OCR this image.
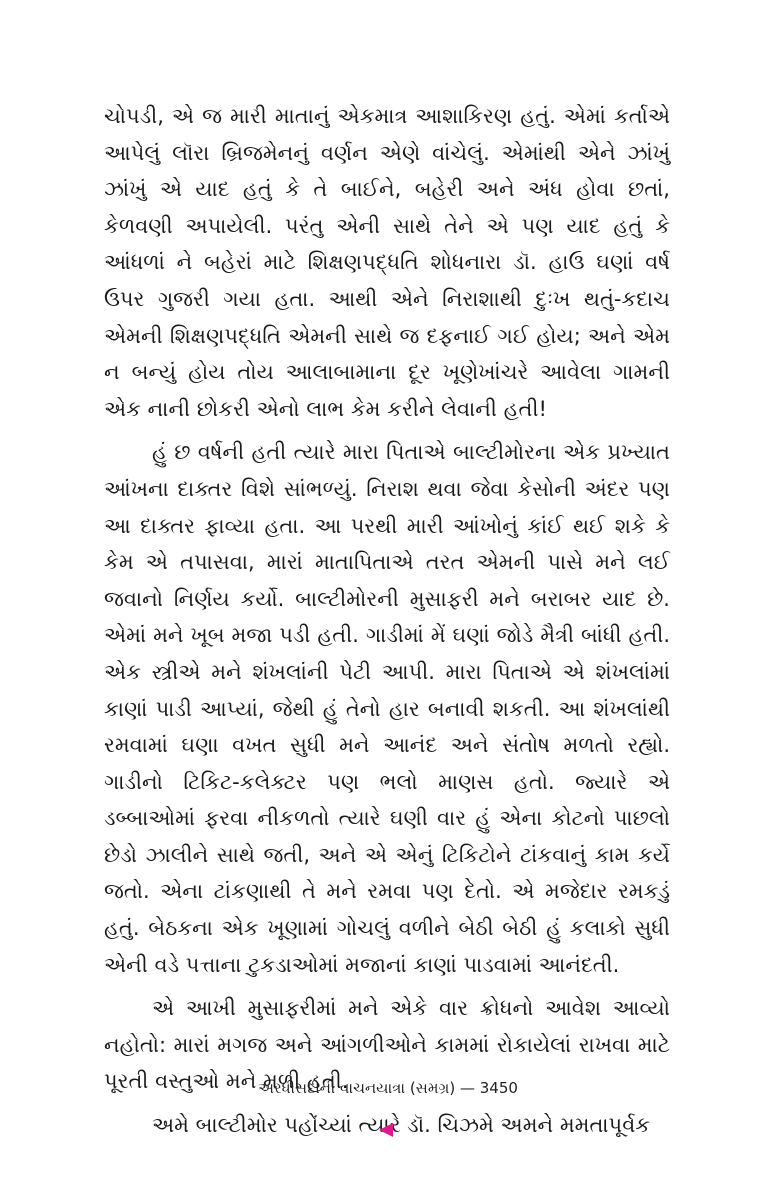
ચોપડી, એ જ મારી માતાનું એકમાત્ર આશાકિરણ હતું. એમાં કર્તાએ આપેલું લૉરા બ્રિજમેનનું વર્ણન એણે વાંચેલું. એમાંથી એને ઝાંખું ઝાંખું એ યાદ હતું કે તે બાઈને, બહેરી અને અંધ હોવા છતાં, કેળવણી અપાયેલી. પરંતુ એની સાથે તેને એ પણ યાદ હતું કે આંધળાં ને બહેરાં માટે શિક્ષણપદ્ધતિ શોધનારા ડૉ. હાઉ ઘણાં વર્ષ ઉપર ગુજરી ગયા હતા. આથી એને નિરાશાથી દુઃખ થતું-કદાચ એમની શિક્ષણપદ્ધતિ એમની સાથે જ દફનાઈ ગઈ હોય; અને એમ ન બન્યું હોય તોય આલાબામાના દૂર ખૂણેખાંચરે આવેલા ગામની એક નાની છોકરી એનો લાભ કેમ કરીને લેવાની હતી!

હું છ વર્ષની હતી ત્યારે મારા પિતાએ બાલ્ટીમોરના એક પ્રખ્યાત આંખના દાક્તર વિશે સાંભળ્યું. નિરાશ થવા જેવા કેસોની અંદર પણ આ દાક્તર ફાવ્યા હતા. આ પરથી મારી આંખોનું કાંઈ થઈ શકે કે કેમ એ તપાસવા, મારાં માતાપિતાએ તરત એમની પાસે મને લઈ જવાનો નિર્ણય કર્યો. બાલ્ટીમોરની મુસાફરી મને બરાબર યાદ છે. એમાં મને ખૂબ મજા પડી હતી. ગાડીમાં મેં ઘણાં જોડે મૈત્રી બાંધી હતી. એક સ્ત્રીએ મને શંખલાંની પેટી આપી. મારા પિતાએ એ શંખલાંમાં કાણાં પાડી આપ્યાં, જેથી હું તેનો હાર બનાવી શકતી. આ શંખલાંથી રમવામાં ઘણા વખત સુધી મને આનંદ અને સંતોષ મળતો રહ્યો. ગાડીનો ટિકિટ-કલેક્ટર પણ ભલો માણસ હતો. જ્યારે એ ડબ્બાઓમાં ફરવા નીકળતો ત્યારે ઘણી વાર હું એના કોટનો પાછલો છેડો ઝાલીને સાથે જતી, અને એ એનું ટિકિટોને ટાંકવાનું કામ કર્યે જતો. એના ટાંકણાથી તે મને રમવા પણ દેતો. એ મજેદાર રમકડું હતું. બેઠકના એક ખૂણામાં ગોચલું વળીને બેઠી બેઠી હું કલાકો સુધી એની વડે પત્તાના ટુકડાઓમાં મજાનાં કાણાં પાડવામાં આનંદતી.

એ આખી મુસાફરીમાં મને એકે વાર ક્રોધનો આવેશ આવ્યો નહોતો: મારાં મગજ અને આંગળીઓને કામમાં રોકાયેલાં રાખવા માટે પૂરતી વસ્તુઓ મને મળી હતી.

અમે બાલ્ટીમોર પહોંચ્યાં ત્યારે ડૉ. ચિઝમે અમને મમતાપૂર્વક

અરધીસદીની વાચનયાત્રા (સમગ્ર) — 3450
